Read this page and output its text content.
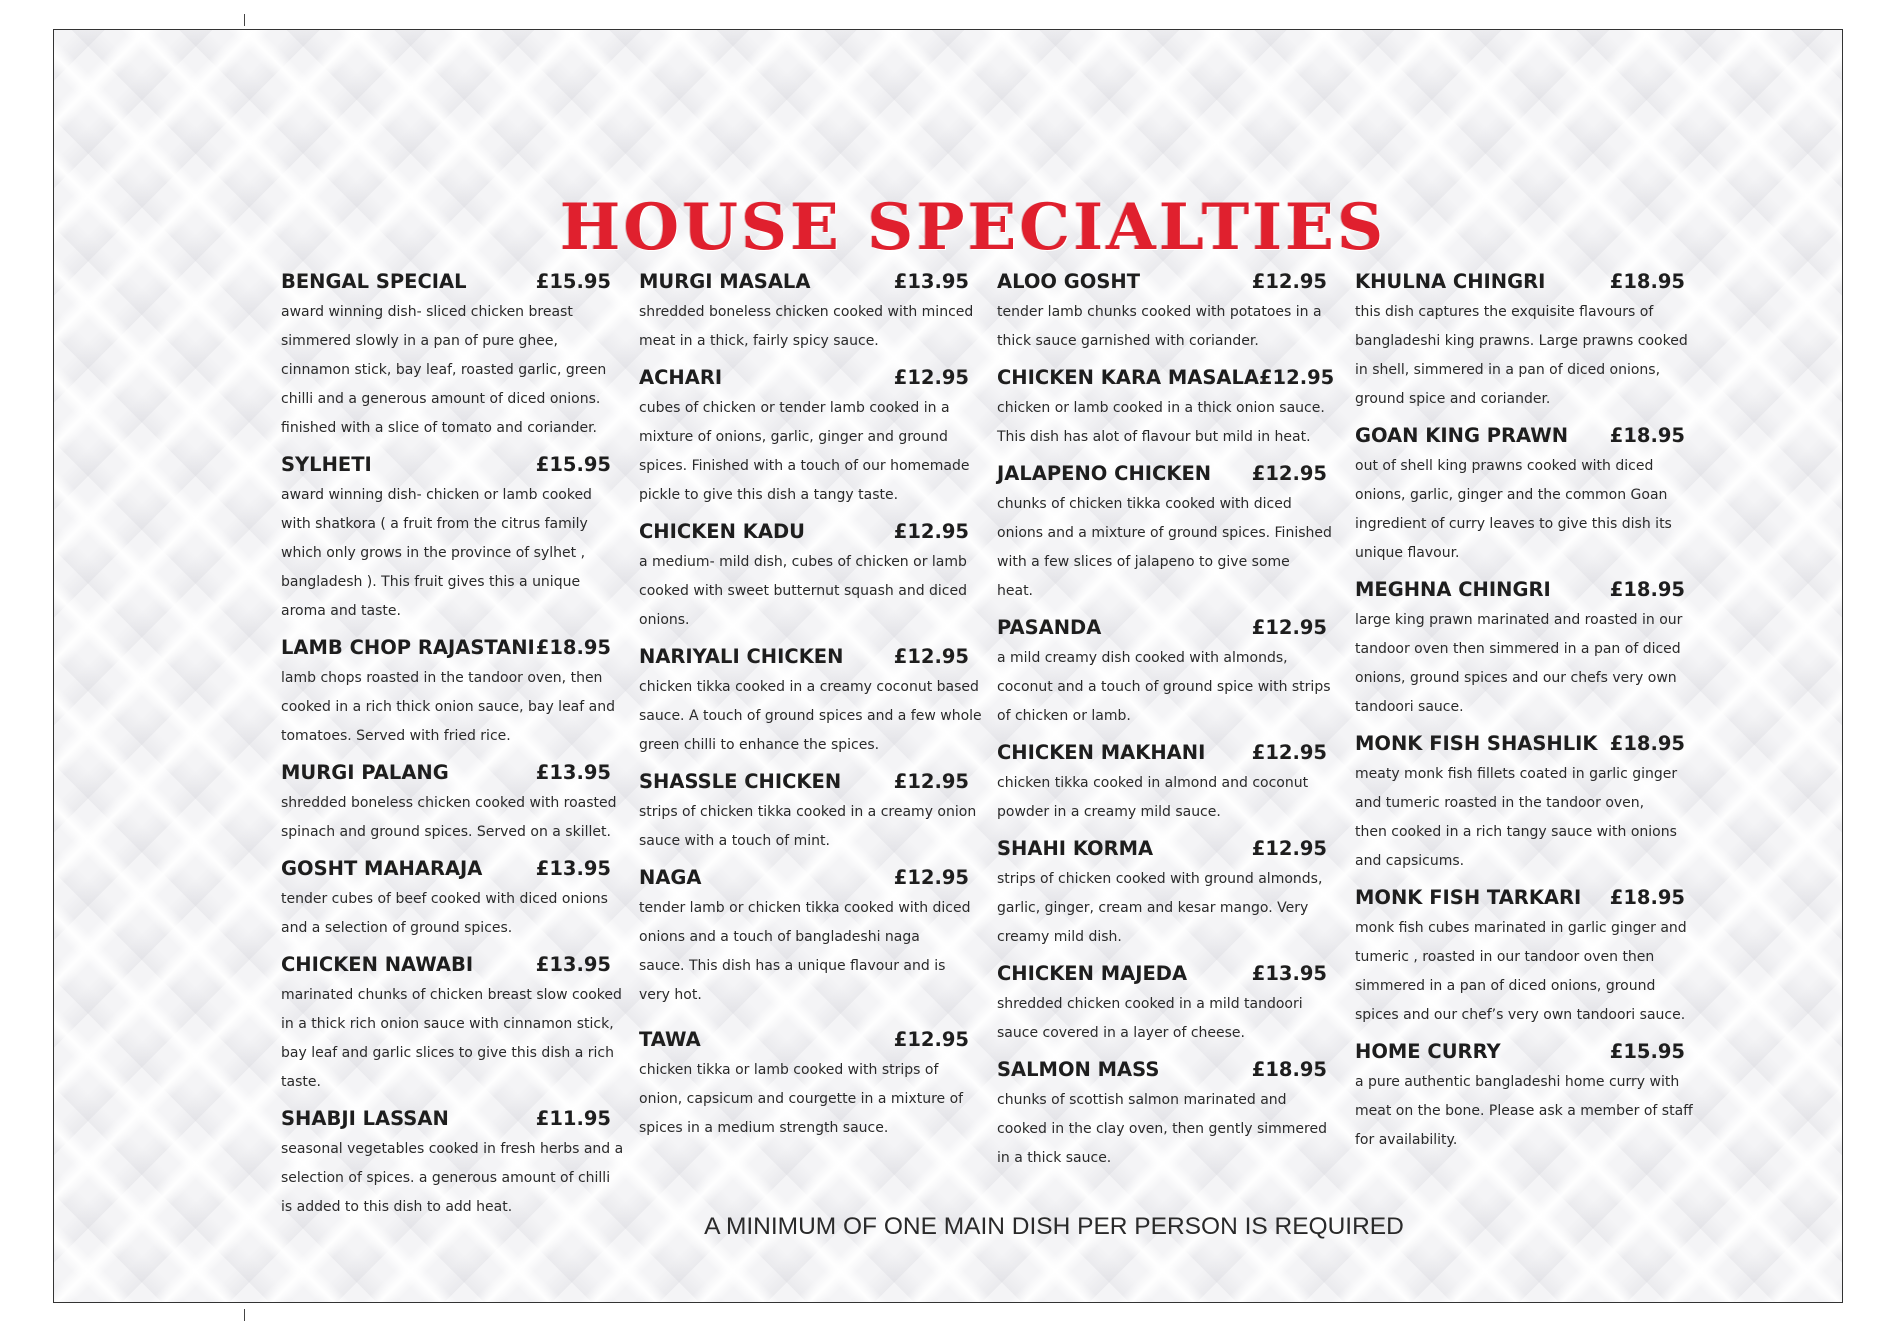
HOUSE SPECIALTIES
A MINIMUM OF ONE MAIN DISH PER PERSON IS REQUIRED
BENGAL SPECIAL	£15.95

award winning dish- sliced chicken breast

simmered slowly in a pan of pure ghee,

cinnamon stick, bay leaf, roasted garlic, green

chilli and a generous amount of diced onions.

finished with a slice of tomato and coriander.

SYLHETI	£15.95

award winning dish- chicken or lamb cooked

with shatkora ( a fruit from the citrus family

which only grows in the province of sylhet ,

bangladesh ). This fruit gives this a unique

aroma and taste.

LAMB CHOP RAJASTANI £18.95

lamb chops roasted in the tandoor oven, then

cooked in a rich thick onion sauce, bay leaf and

tomatoes. Served with fried rice.

MURGI PALANG	£13.95

shredded boneless chicken cooked with roasted

spinach and ground spices. Served on a skillet.

GOSHT MAHARAJA	£13.95

tender cubes of beef cooked with diced onions

and a selection of ground spices.

CHICKEN NAWABI	£13.95

marinated chunks of chicken breast slow cooked

in a thick rich onion sauce with cinnamon stick,

bay leaf and garlic slices to give this dish a rich

taste.

SHABJI LASSAN	£11.95

seasonal vegetables cooked in fresh herbs and a

selection of spices. a generous amount of chilli

is added to this dish to add heat.

MURGI MASALA	£13.95

shredded boneless chicken cooked with minced

meat in a thick, fairly spicy sauce.

ACHARI	£12.95

cubes of chicken or tender lamb cooked in a

mixture of onions, garlic, ginger and ground

spices. Finished with a touch of our homemade

pickle to give this dish a tangy taste.

CHICKEN KADU	£12.95

a medium- mild dish, cubes of chicken or lamb

cooked with sweet butternut squash and diced

onions.

NARIYALI CHICKEN	£12.95

chicken tikka cooked in a creamy coconut based

sauce. A touch of ground spices and a few whole

green chilli to enhance the spices.

SHASSLE CHICKEN	£12.95

strips of chicken tikka cooked in a creamy onion

sauce with a touch of mint.

NAGA	£12.95

tender lamb or chicken tikka cooked with diced

onions and a touch of bangladeshi naga

sauce. This dish has a unique flavour and is

very hot.

TAWA	£12.95

chicken tikka or lamb cooked with strips of

onion, capsicum and courgette in a mixture of

spices in a medium strength sauce.

ALOO GOSHT	£12.95

tender lamb chunks cooked with potatoes in a

thick sauce garnished with coriander.

CHICKEN KARA MASALA £12.95

chicken or lamb cooked in a thick onion sauce.

This dish has alot of flavour but mild in heat.

JALAPENO CHICKEN £12.95

chunks of chicken tikka cooked with diced

onions and a mixture of ground spices. Finished

with a few slices of jalapeno to give some

heat.

PASANDA	£12.95

a mild creamy dish cooked with almonds,

coconut and a touch of ground spice with strips

of chicken or lamb.

CHICKEN MAKHANI £12.95

chicken tikka cooked in almond and coconut

powder in a creamy mild sauce.

SHAHI KORMA	£12.95

strips of chicken cooked with ground almonds,

garlic, ginger, cream and kesar mango. Very

creamy mild dish.

CHICKEN MAJEDA	£13.95

shredded chicken cooked in a mild tandoori

sauce covered in a layer of cheese.

SALMON MASS	£18.95

chunks of scottish salmon marinated and

cooked in the clay oven, then gently simmered

in a thick sauce.

KHULNA CHINGRI	£18.95

this dish captures the exquisite flavours of

bangladeshi king prawns. Large prawns cooked

in shell, simmered in a pan of diced onions,

ground spice and coriander.

GOAN KING PRAWN £18.95

out of shell king prawns cooked with diced

onions, garlic, ginger and the common Goan

ingredient of curry leaves to give this dish its

unique flavour.

MEGHNA CHINGRI	£18.95

large king prawn marinated and roasted in our

tandoor oven then simmered in a pan of diced

onions, ground spices and our chefs very own

tandoori sauce.

MONK FISH SHASHLIK £18.95

meaty monk fish fillets coated in garlic ginger

and tumeric roasted in the tandoor oven,

then cooked in a rich tangy sauce with onions

and capsicums.

MONK FISH TARKARI £18.95

monk fish cubes marinated in garlic ginger and

tumeric , roasted in our tandoor oven then

simmered in a pan of diced onions, ground

spices and our chef’s very own tandoori sauce.

HOME CURRY	£15.95

a pure authentic bangladeshi home curry with

meat on the bone. Please ask a member of staff

for availability.
